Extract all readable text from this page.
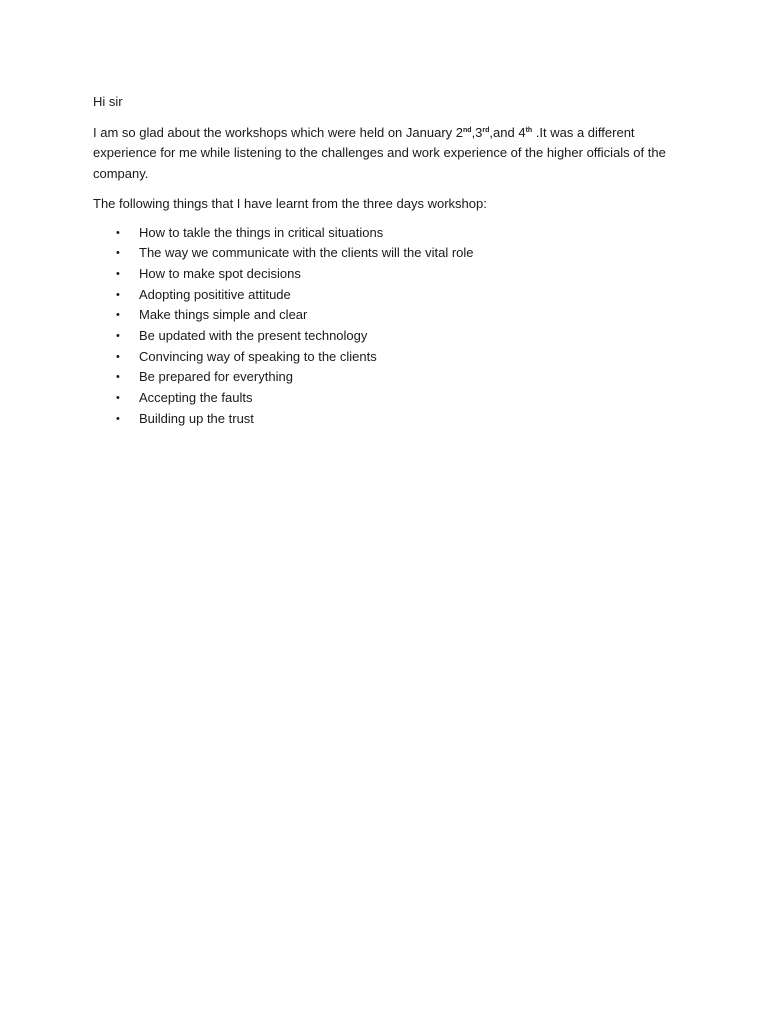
Hi sir

I am so glad about the workshops which were held on January 2nd,3rd,and 4th .It was a different experience for me while listening to the challenges and work experience of the higher officials of the company.

The following things that I have learnt from the three days workshop:

• How to takle the things in critical situations
• The way we communicate with the clients will the vital role
• How to make spot decisions
• Adopting posititive attitude
• Make things simple and clear
• Be updated with the present technology
• Convincing way of speaking to the clients
• Be prepared for everything
• Accepting the faults
• Building up the trust
